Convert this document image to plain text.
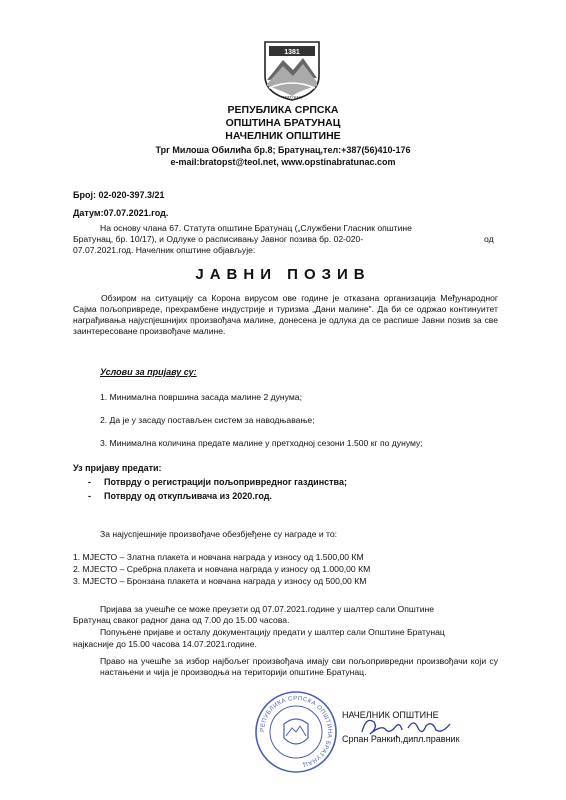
1381
БРАТУНАЦ
РЕПУБЛИКА СРПСКА
ОПШТИНА БРАТУНАЦ
НАЧЕЛНИК ОПШТИНЕ
Трг Милоша Обилића бр.8; Братунац,тел:+387(56)410-176
e-mail:bratopst@teol.net, www.opstinabratunac.com
Број: 02-020-397.3/21
Датум:07.07.2021.год.
На основу члана 67. Статута општине Братунац („Службени Гласник општине
Братунац, бр. 10/17), и Одлуке о расписивању Јавног позива бр. 02-020-	од
07.07.2021.год. Начелник општине објављује:
ЈАВНИ ПОЗИВ
Обзиром на ситуацију са Корона вирусом ове године је отказана организација Међународног Сајма пољопривреде, прехрамбене индустрије и туризма „Дани малине". Да би се одржао континуитет награђивања најуспјешнијих произвођача малине, донесена је одлука да се распише Јавни позив за све заинтересоване произвођаче малине.
Услови за пријаву су:
1. Минимална површина засада малине 2 дунума;
2. Да је у засаду постављен систем за наводњавање;
3. Минимална количина предате малине у претходној сезони 1.500 кг по дунуму;
Уз пријаву предати:
- Потврду о регистрацији пољопривредног газдинства;
- Потврду од откупљивача из 2020.год.
За најуспјешније произвођаче обезбјеђене су награде и то:
1. МЈЕСТО – Златна плакета и новчана награда у износу од 1.500,00 КМ
2. МЈЕСТО – Сребрна плакета и новчана награда у износу од 1.000,00 КМ
3. МЈЕСТО – Бронзана плакета и новчана награда у износу од 500,00 КМ
Пријава за учешће се може преузети од 07.07.2021.године у шалтер сали Општине
Братунац сваког радног дана од 7.00 до 15.00 часова.
Попуњене пријаве и осталу документацију предати у шалтер сали Општине Братунац
најкасније до 15.00 часова 14.07.2021.године.
Право на учешће за избор најбољег произвођача имају сви пољопривредни произвођачи који су настањени и чија је производња на територији општине Братунац.
РЕПУБЛИКА СРПСКА ОПШТИНА БРАТУНАЦ
НАЧЕЛНИК ОПШТИНЕ
Српан Ранкић,дипл.правник
